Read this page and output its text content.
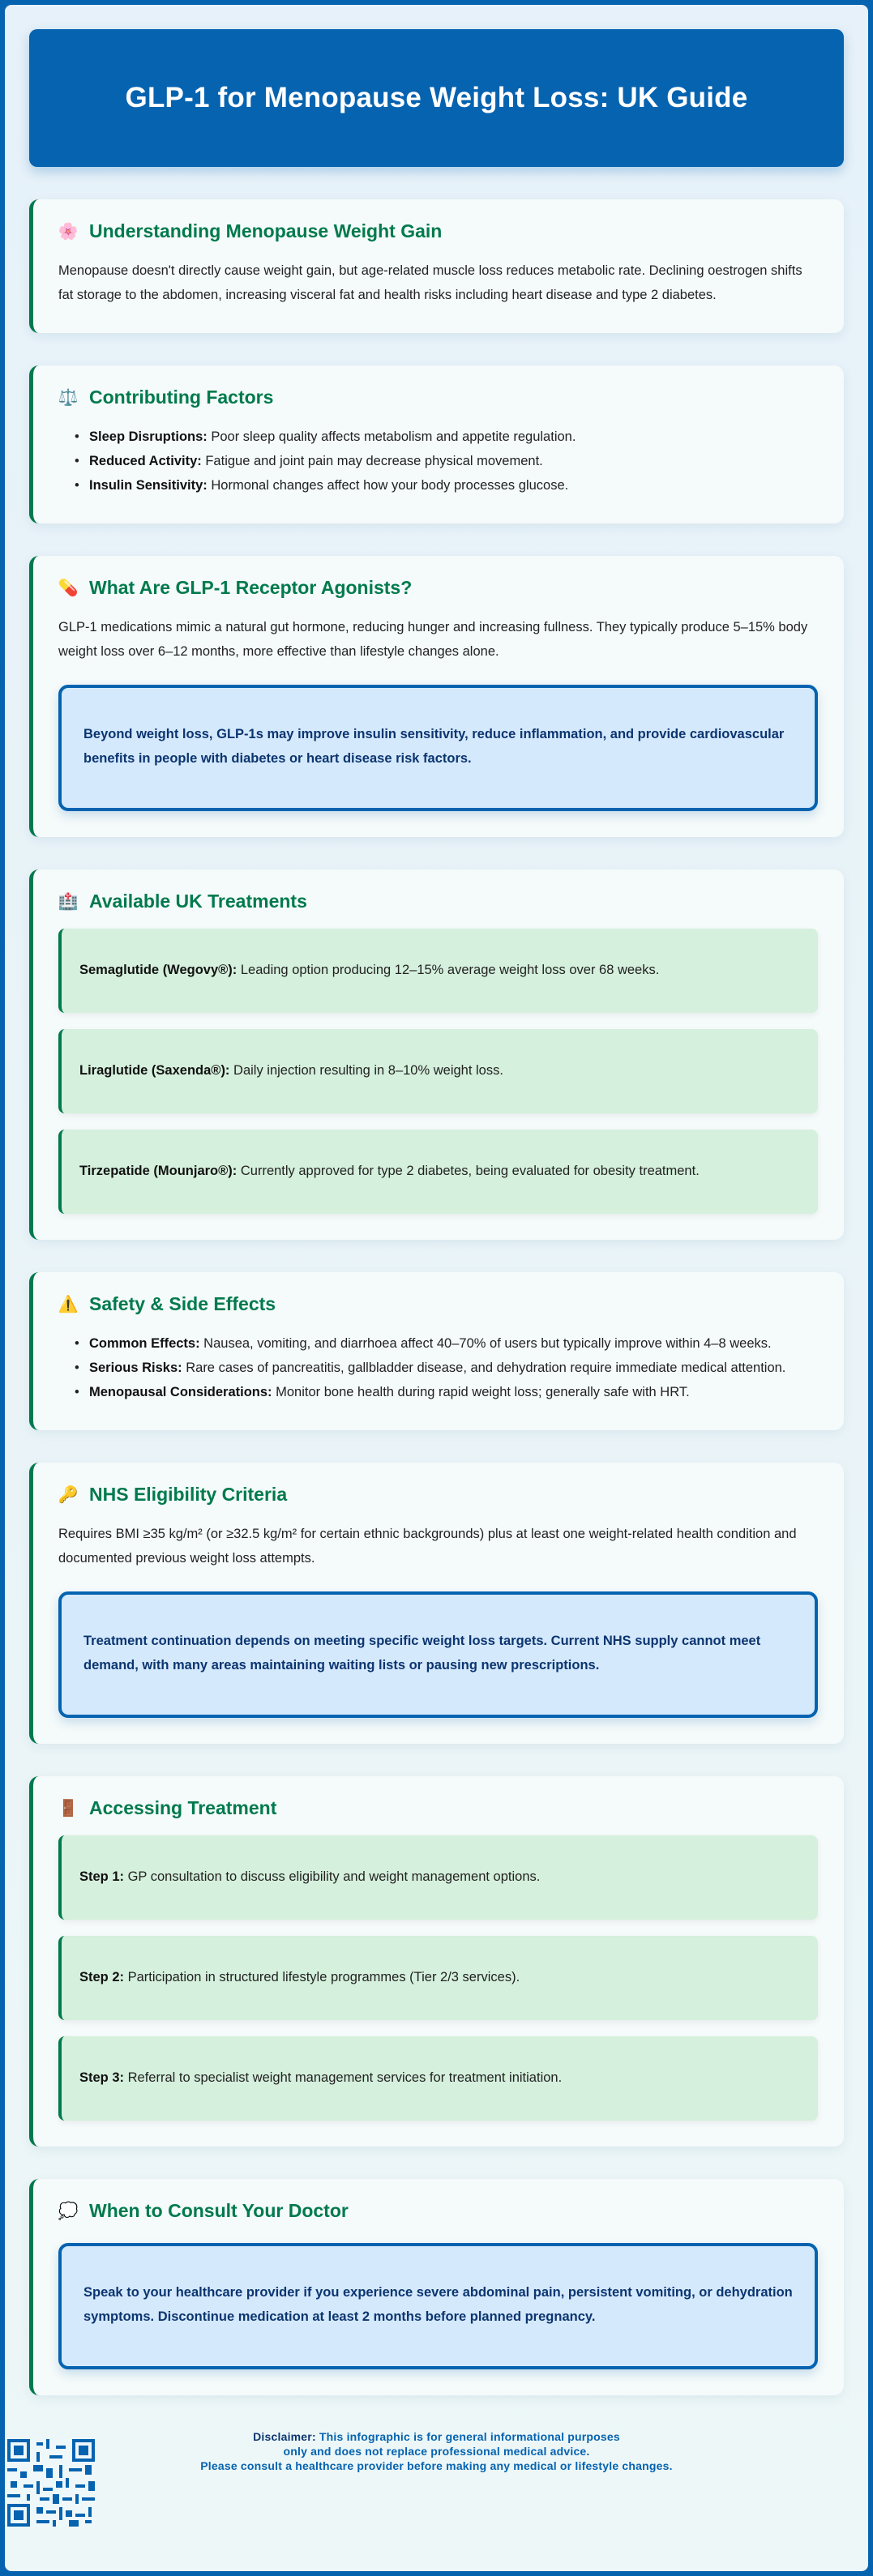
GLP-1 for Menopause Weight Loss: UK Guide
🌸 Understanding Menopause Weight Gain

Menopause doesn't directly cause weight gain, but age-related muscle loss reduces metabolic rate. Declining oestrogen shifts fat storage to the abdomen, increasing visceral fat and health risks including heart disease and type 2 diabetes.

⚖️ Contributing Factors
• Sleep Disruptions: Poor sleep quality affects metabolism and appetite regulation.
• Reduced Activity: Fatigue and joint pain may decrease physical movement.
• Insulin Sensitivity: Hormonal changes affect how your body processes glucose.
💊 What Are GLP-1 Receptor Agonists?

GLP-1 medications mimic a natural gut hormone, reducing hunger and increasing fullness. They typically produce 5–15% body weight loss over 6–12 months, more effective than lifestyle changes alone.

Beyond weight loss, GLP-1s may improve insulin sensitivity, reduce inflammation, and provide cardiovascular benefits in people with diabetes or heart disease risk factors.
🏥 Available UK Treatments
Semaglutide (Wegovy®): Leading option producing 12–15% average weight loss over 68 weeks.
Liraglutide (Saxenda®): Daily injection resulting in 8–10% weight loss.
Tirzepatide (Mounjaro®): Currently approved for type 2 diabetes, being evaluated for obesity treatment.
⚠️ Safety & Side Effects
• Common Effects: Nausea, vomiting, and diarrhoea affect 40–70% of users but typically improve within 4–8 weeks.
• Serious Risks: Rare cases of pancreatitis, gallbladder disease, and dehydration require immediate medical attention.
• Menopausal Considerations: Monitor bone health during rapid weight loss; generally safe with HRT.
🔑 NHS Eligibility Criteria

Requires BMI ≥35 kg/m² (or ≥32.5 kg/m² for certain ethnic backgrounds) plus at least one weight-related health condition and documented previous weight loss attempts.

Treatment continuation depends on meeting specific weight loss targets. Current NHS supply cannot meet demand, with many areas maintaining waiting lists or pausing new prescriptions.
🚪 Accessing Treatment
Step 1: GP consultation to discuss eligibility and weight management options.
Step 2: Participation in structured lifestyle programmes (Tier 2/3 services).
Step 3: Referral to specialist weight management services for treatment initiation.
💭 When to Consult Your Doctor
Speak to your healthcare provider if you experience severe abdominal pain, persistent vomiting, or dehydration symptoms. Discontinue medication at least 2 months before planned pregnancy.
Disclaimer: This infographic is for general informational purposes
only and does not replace professional medical advice.
Please consult a healthcare provider before making any medical or lifestyle changes.
